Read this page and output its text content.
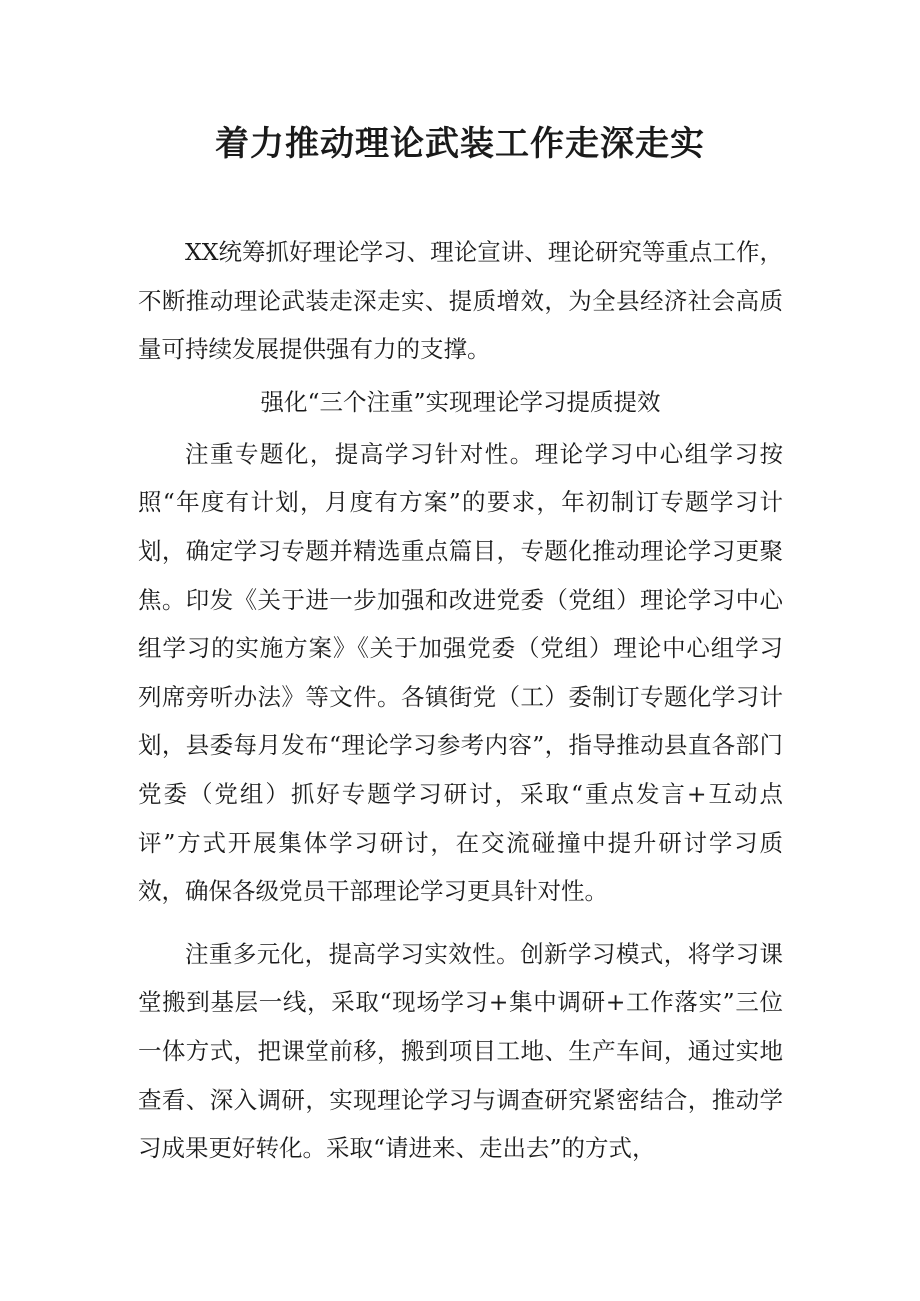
着力推动理论武装工作走深走实

XX统筹抓好理论学习、理论宣讲、理论研究等重点工作，不断推动理论武装走深走实、提质增效，为全县经济社会高质量可持续发展提供强有力的支撑。

强化“三个注重”实现理论学习提质提效

注重专题化，提高学习针对性。理论学习中心组学习按照“年度有计划，月度有方案”的要求，年初制订专题学习计划，确定学习专题并精选重点篇目，专题化推动理论学习更聚焦。印发《关于进一步加强和改进党委（党组）理论学习中心组学习的实施方案》《关于加强党委（党组）理论中心组学习列席旁听办法》等文件。各镇街党（工）委制订专题化学习计划，县委每月发布“理论学习参考内容”，指导推动县直各部门党委（党组）抓好专题学习研讨，采取“重点发言+互动点评”方式开展集体学习研讨，在交流碰撞中提升研讨学习质效，确保各级党员干部理论学习更具针对性。

注重多元化，提高学习实效性。创新学习模式，将学习课堂搬到基层一线，采取“现场学习+集中调研+工作落实”三位一体方式，把课堂前移，搬到项目工地、生产车间，通过实地查看、深入调研，实现理论学习与调查研究紧密结合，推动学习成果更好转化。采取“请进来、走出去”的方式，
